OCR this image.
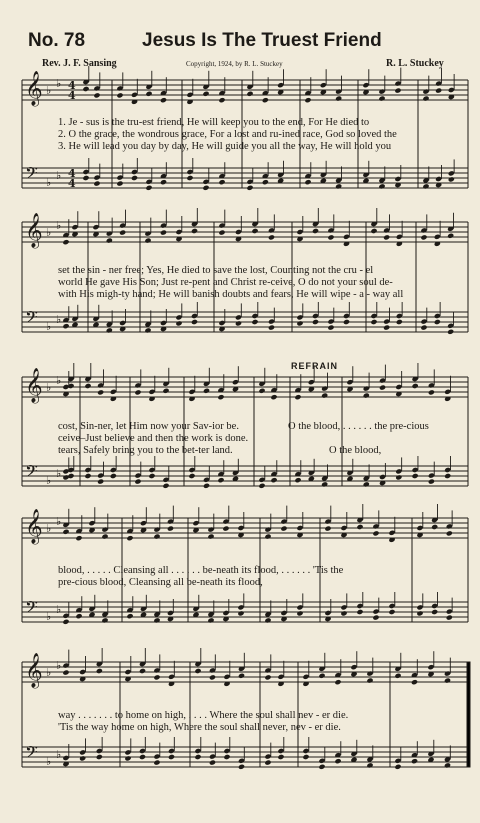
𝄞
𝄢
♭
♭
♭
♭
4
4
4
4
𝄞
𝄢
♭
♭
♭
♭
𝄞
𝄢
♭
♭
♭
♭
𝄞
𝄢
♭
♭
♭
♭
𝄞
𝄢
♭
♭
♭
♭
No. 78	Jesus Is The Truest Friend
Rev. J. F. Sansing	Copyright, 1924, by R. L. Stuckey	R. L. Stuckey
1. Je - sus is the tru-est friend, He will keep you to the end, For He died to
2. O the grace, the wondrous grace, For a lost and ru-ined race, God so loved the
3. He will lead you day by day, He will guide you all the way, He will hold you
set the sin - ner free; Yes, He died to save the lost, Counting not the cru - el
world He gave His Son; Just re-pent and Christ re-ceive, O do not your soul de-
with His migh-ty hand; He will banish doubts and fears, He will wipe - a - way all
REFRAIN
cost, Sin-ner, let Him now your Sav-ior be.
ceive–Just believe and then the work is done.
tears, Safely bring you to the bet-ter land.
O the blood, . . . . . . the pre-cious
O the blood,
blood, . . . . . Cleansing all . . . . . . be-neath its flood, . . . . . . 'Tis the
pre-cious blood, Cleansing all be-neath its flood,
way . . . . . . . to home on high, . . . . Where the soul shall nev - er die.
'Tis the way home on high, Where the soul shall never, nev - er die.
